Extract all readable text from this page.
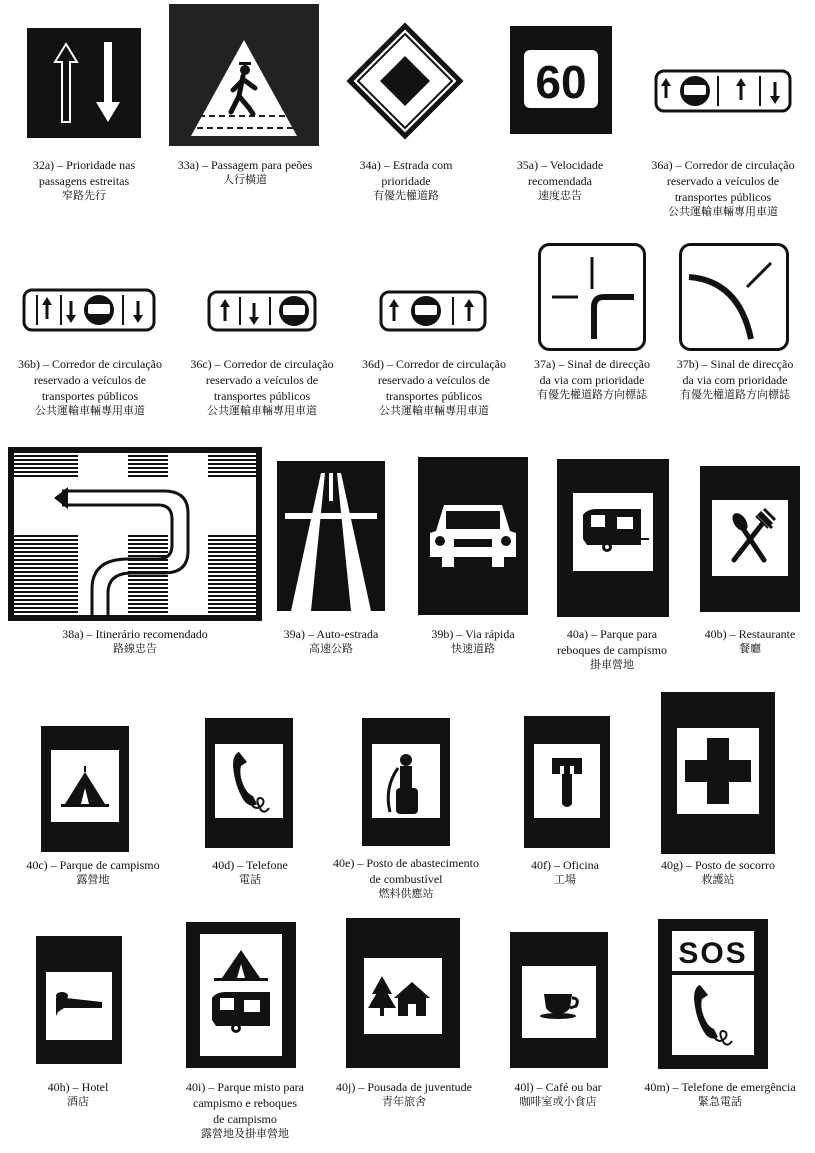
32a) – Prioridade nas
passagens estreitas
窄路先行
33a) – Passagem para peões
人行橫道
34a) – Estrada com
prioridade
有優先權道路
60
35a) – Velocidade
recomendada
速度忠告
36a) – Corredor de circulação
reservado a veículos de
transportes públicos
公共運輸車輛專用車道
36b) – Corredor de circulação
reservado a veículos de
transportes públicos
公共運輸車輛專用車道
36c) – Corredor de circulação
reservado a veículos de
transportes públicos
公共運輸車輛專用車道
36d) – Corredor de circulação
reservado a veículos de
transportes públicos
公共運輸車輛專用車道
37a) – Sinal de direcção
da via com prioridade
有優先權道路方向標誌
37b) – Sinal de direcção
da via com prioridade
有優先權道路方向標誌
38a) – Itinerário recomendado
路線忠告
39a) – Auto-estrada
高速公路
39b) – Via rápida
快速道路
40a) – Parque para
reboques de campismo
掛車營地
40b) – Restaurante
餐廳
40c) – Parque de campismo
露營地
40d) – Telefone
電話
40e) – Posto de abastecimento
de combustível
燃料供應站
40f) – Oficina
工場
40g) – Posto de socorro
救護站
40h) – Hotel
酒店
40i) – Parque misto para
campismo e reboques
de campismo
露營地及掛車營地
40j) – Pousada de juventude
青年旅舍
40l) – Café ou bar
咖啡室或小食店
SOS
40m) – Telefone de emergência
緊急電話
